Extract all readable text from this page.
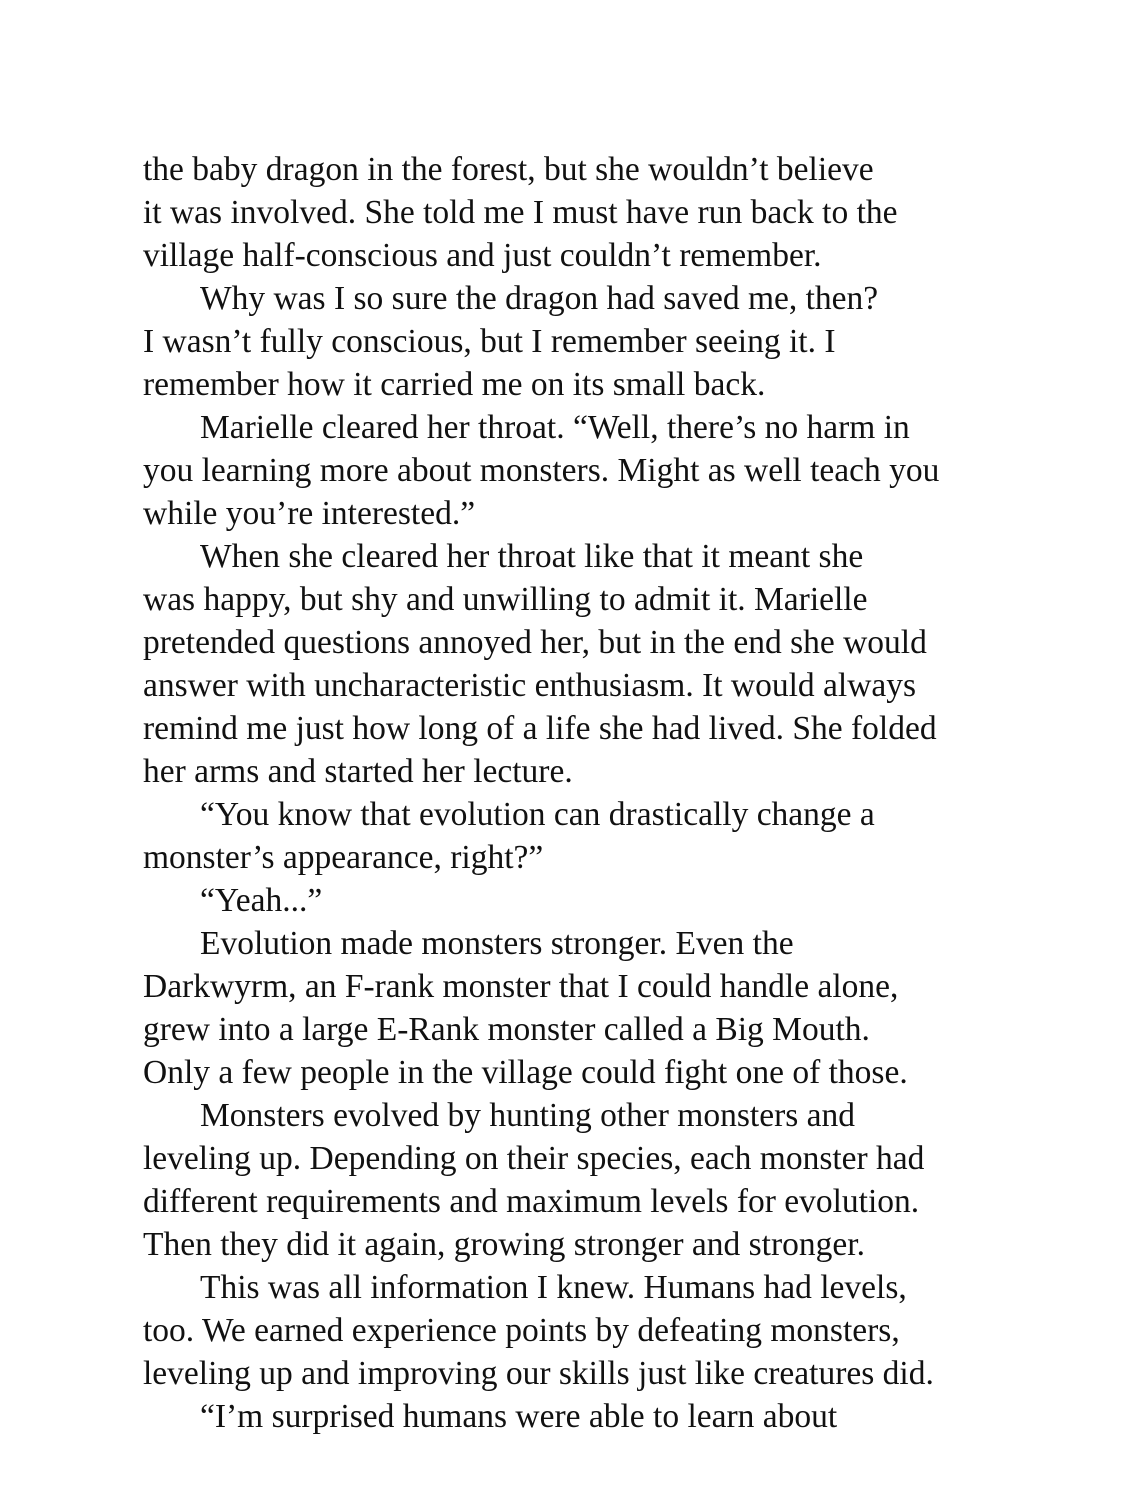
the baby dragon in the forest, but she wouldn’t believe
it was involved. She told me I must have run back to the
village half-conscious and just couldn’t remember.
Why was I so sure the dragon had saved me, then?
I wasn’t fully conscious, but I remember seeing it. I
remember how it carried me on its small back.
Marielle cleared her throat. “Well, there’s no harm in
you learning more about monsters. Might as well teach you
while you’re interested.”
When she cleared her throat like that it meant she
was happy, but shy and unwilling to admit it. Marielle
pretended questions annoyed her, but in the end she would
answer with uncharacteristic enthusiasm. It would always
remind me just how long of a life she had lived. She folded
her arms and started her lecture.
“You know that evolution can drastically change a
monster’s appearance, right?”
“Yeah...”
Evolution made monsters stronger. Even the
Darkwyrm, an F-rank monster that I could handle alone,
grew into a large E-Rank monster called a Big Mouth.
Only a few people in the village could fight one of those.
Monsters evolved by hunting other monsters and
leveling up. Depending on their species, each monster had
different requirements and maximum levels for evolution.
Then they did it again, growing stronger and stronger.
This was all information I knew. Humans had levels,
too. We earned experience points by defeating monsters,
leveling up and improving our skills just like creatures did.
“I’m surprised humans were able to learn about
